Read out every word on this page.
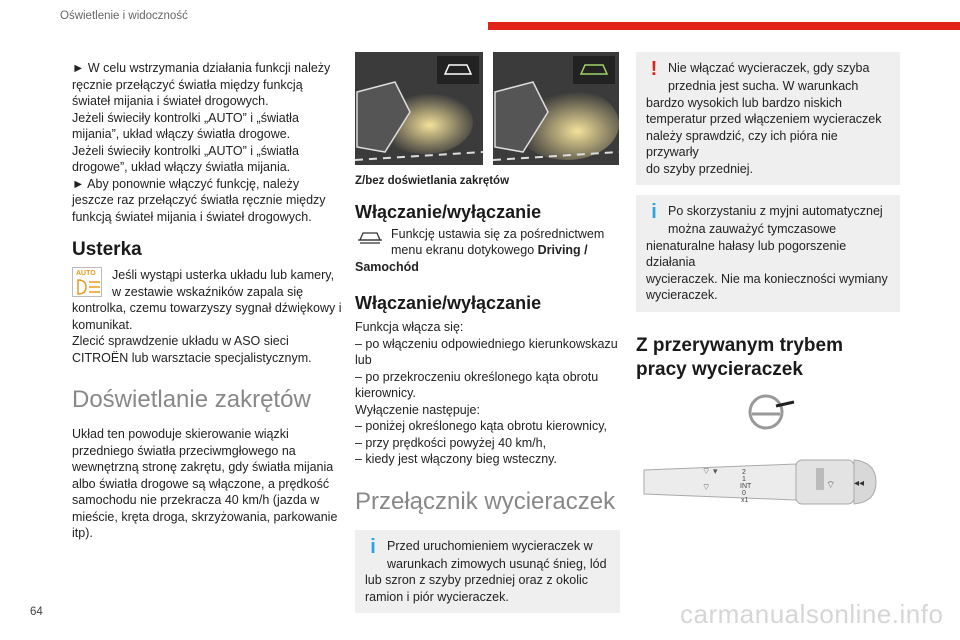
Oświetlenie i widoczność

► W celu wstrzymania działania funkcji należy

ręcznie przełączyć światła między funkcją

świateł mijania i świateł drogowych.

Jeżeli świeciły kontrolki „AUTO” i „światła

mijania”, układ włączy światła drogowe.

Jeżeli świeciły kontrolki „AUTO” i „światła

drogowe”, układ włączy światła mijania.

► Aby ponownie włączyć funkcję, należy

jeszcze raz przełączyć światła ręcznie między

funkcją świateł mijania i świateł drogowych.

Usterka
AUTO	Jeśli wystąpi usterka układu lub kamery,

w zestawie wskaźników zapala się

kontrolka, czemu towarzyszy sygnał dźwiękowy i

komunikat.

Zlecić sprawdzenie układu w ASO sieci

CITROËN lub warsztacie specjalistycznym.

Doświetlanie zakrętów

Układ ten powoduje skierowanie wiązki

przedniego światła przeciwmgłowego na

wewnętrzną stronę zakrętu, gdy światła mijania

albo światła drogowe są włączone, a prędkość

samochodu nie przekracza 40 km/h (jazda w

mieście, kręta droga, skrzyżowania, parkowanie

itp).

Z/bez doświetlania zakrętów
Włączanie/wyłączanie

Funkcję ustawia się za pośrednictwem

menu ekranu dotykowego Driving /

Samochód

Włączanie/wyłączanie

Funkcja włącza się:

– po włączeniu odpowiedniego kierunkowskazu

lub

– po przekroczeniu określonego kąta obrotu

kierownicy.

Wyłączenie następuje:

– poniżej określonego kąta obrotu kierownicy,

– przy prędkości powyżej 40 km/h,

– kiedy jest włączony bieg wsteczny.

Przełącznik wycieraczek
i Przed uruchomieniem wycieraczek w

warunkach zimowych usunąć śnieg, lód

lub szron z szyby przedniej oraz z okolic

ramion i piór wycieraczek.

! Nie włączać wycieraczek, gdy szyba

przednia jest sucha. W warunkach

bardzo wysokich lub bardzo niskich

temperatur przed włączeniem wycieraczek

należy sprawdzić, czy ich pióra nie przywarły

do szyby przedniej.

i Po skorzystaniu z myjni automatycznej

można zauważyć tymczasowe

nienaturalne hałasy lub pogorszenie działania

wycieraczek. Nie ma konieczności wymiany

wycieraczek.

Z przerywanym trybem
pracy wycieraczek
⌔ ▾
⌔
2
1
INT
0
x1
⌔ ◂◂
64	carmanualsonline.info
